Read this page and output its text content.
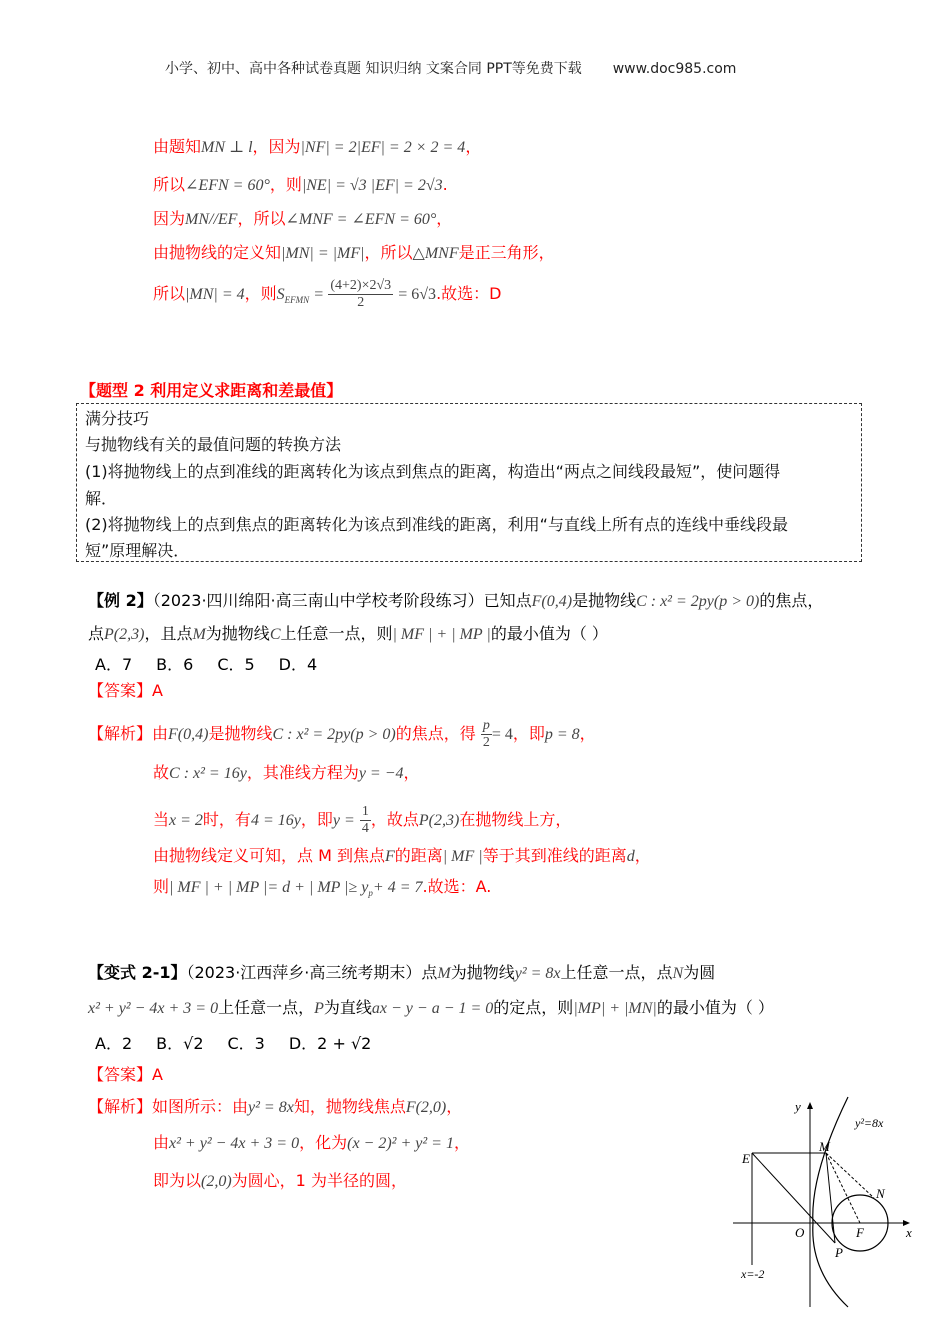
小学、初中、高中各种试卷真题 知识归纳 文案合同 PPT等免费下载 www.doc985.com
由题知MN ⊥ l，因为|NF| = 2|EF| = 2 × 2 = 4，
所以∠EFN = 60°，则|NE| = √3 |EF| = 2√3.
因为MN//EF，所以∠MNF = ∠EFN = 60°，
由抛物线的定义知|MN| = |MF|，所以△MNF是正三角形，
所以|MN| = 4，则$S_{EFMN} = \frac{(4+2)\times 2√3}{2} = 6√3$.故选：D
【题型 2 利用定义求距离和差最值】
满分技巧
与抛物线有关的最值问题的转换方法
(1)将抛物线上的点到准线的距离转化为该点到焦点的距离，构造出“两点之间线段最短”，使问题得
解．
(2)将抛物线上的点到焦点的距离转化为该点到准线的距离，利用“与直线上所有点的连线中垂线段最
短”原理解决．
【例 2】（2023·四川绵阳·高三南山中学校考阶段练习）已知点F(0,4)是抛物线C : x² = 2py(p > 0)的焦点，
点P(2,3)，且点M为抛物线C上任意一点，则| MF | + | MP |的最小值为（ ）
A．7 B．6 C．5 D．4
【答案】A
【解析】由F(0,4)是抛物线C : x² = 2py(p > 0)的焦点，得 $\frac{p}{2} = 4$，即p = 8，
故C : x² = 16y，其准线方程为y = −4，
当x = 2时，有4 = 16y，即$y = \frac{1}{4}$ ，故点P(2,3)在抛物线上方，
由抛物线定义可知，点 M 到焦点F的距离| MF |等于其到准线的距离d，
则| MF | + | MP |= d + | MP |≥ $y_p+ 4 = 7$.故选：A.
【变式 2-1】（2023·江西萍乡·高三统考期末）点M为抛物线y² = 8x上任意一点，点N为圆
x² + y² − 4x + 3 = 0上任意一点，P为直线ax − y − a − 1 = 0的定点，则|MP| + |MN|的最小值为（ ）
A．2 B．√2 C．3 D．2 + √2
【答案】A
【解析】如图所示：由y² = 8x知，抛物线焦点F(2,0)，
由x² + y² − 4x + 3 = 0，化为(x − 2)² + y² = 1，
即为以(2,0)为圆心，1 为半径的圆，
y
x
y²=8x
E
M
N
O	F
P
x=-2
